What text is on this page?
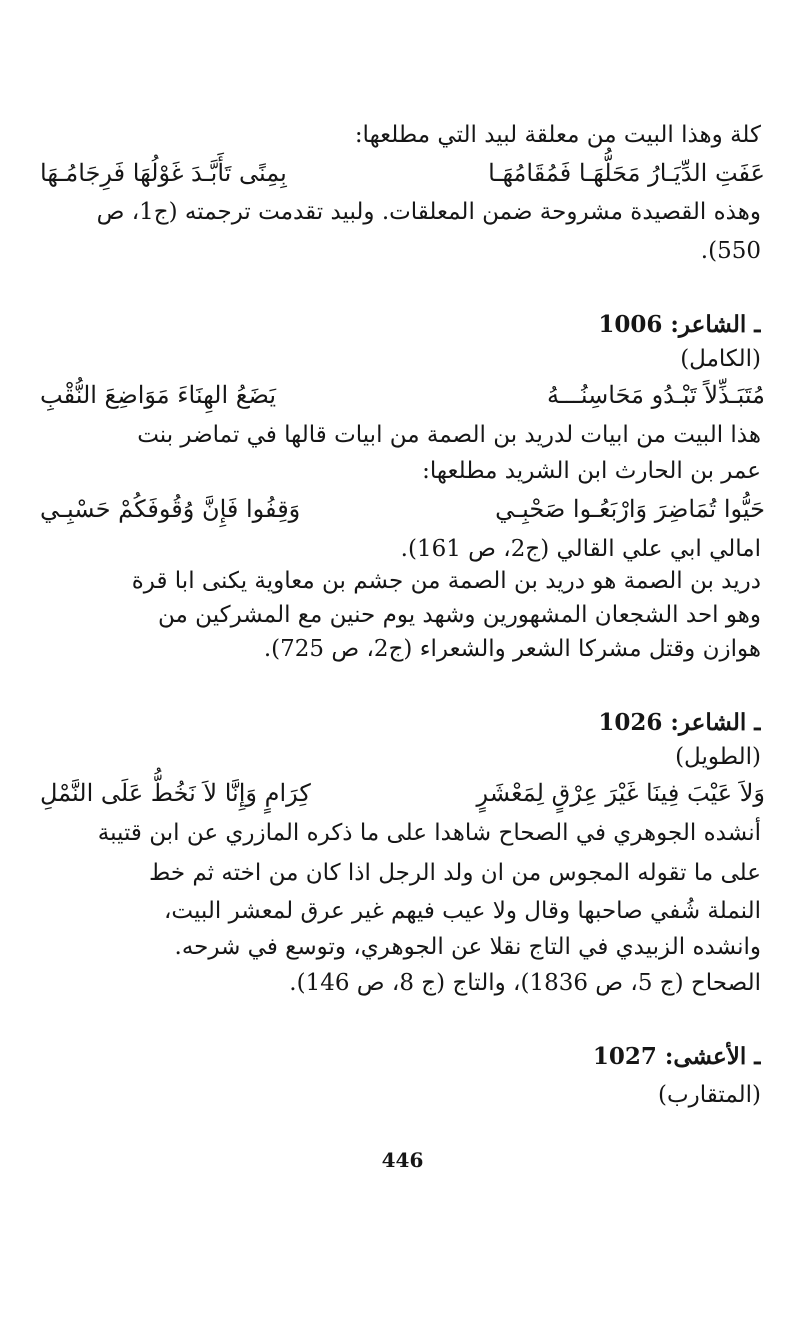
كلة وهذا البيت من معلقة لبيد التي مطلعها:
عَفَتِ الدِّيَـارُ مَحَلُّهَـا فَمُقَامُهَـا
بِمِنًى تَأَبَّـدَ غَوْلُهَا فَرِجَامُـهَا
وهذه القصيدة مشروحة ضمن المعلقات. ولبيد تقدمت ترجمته (ج1، ص
550).
ـ الشاعر: 1006
(الكامل)
مُتَبَـذِّلاً تَبْـدُو مَحَاسِنُـــهُ
يَضَعُ الهِنَاءَ مَوَاضِعَ النُّقْبِ
هذا البيت من ابيات لدريد بن الصمة من ابيات قالها في تماضر بنت
عمر بن الحارث ابن الشريد مطلعها:
حَيُّوا تُمَاضِرَ وَارْبَعُـوا صَحْبِـي
وَقِفُوا فَإِنَّ وُقُوفَكُمْ حَسْبِـي
امالي ابي علي القالي (ج2، ص 161).
دريد بن الصمة هو دريد بن الصمة من جشم بن معاوية يكنى ابا قرة
وهو احد الشجعان المشهورين وشهد يوم حنين مع المشركين من
هوازن وقتل مشركا الشعر والشعراء (ج2، ص 725).
ـ الشاعر: 1026
(الطويل)
وَلاَ عَيْبَ فِينَا غَيْرَ عِرْقٍ لِمَعْشَرٍ
كِرَامٍ وَإِنَّا لاَ نَخُطُّ عَلَى النَّمْلِ
أنشده الجوهري في الصحاح شاهدا على ما ذكره المازري عن ابن قتيبة
على ما تقوله المجوس من ان ولد الرجل اذا كان من اخته ثم خط
النملة شُفي صاحبها وقال ولا عيب فيهم غير عرق لمعشر البيت،
وانشده الزبيدي في التاج نقلا عن الجوهري، وتوسع في شرحه.
الصحاح (ج 5، ص 1836)، والتاج (ج 8، ص 146).
ـ الأعشى: 1027
(المتقارب)
446
